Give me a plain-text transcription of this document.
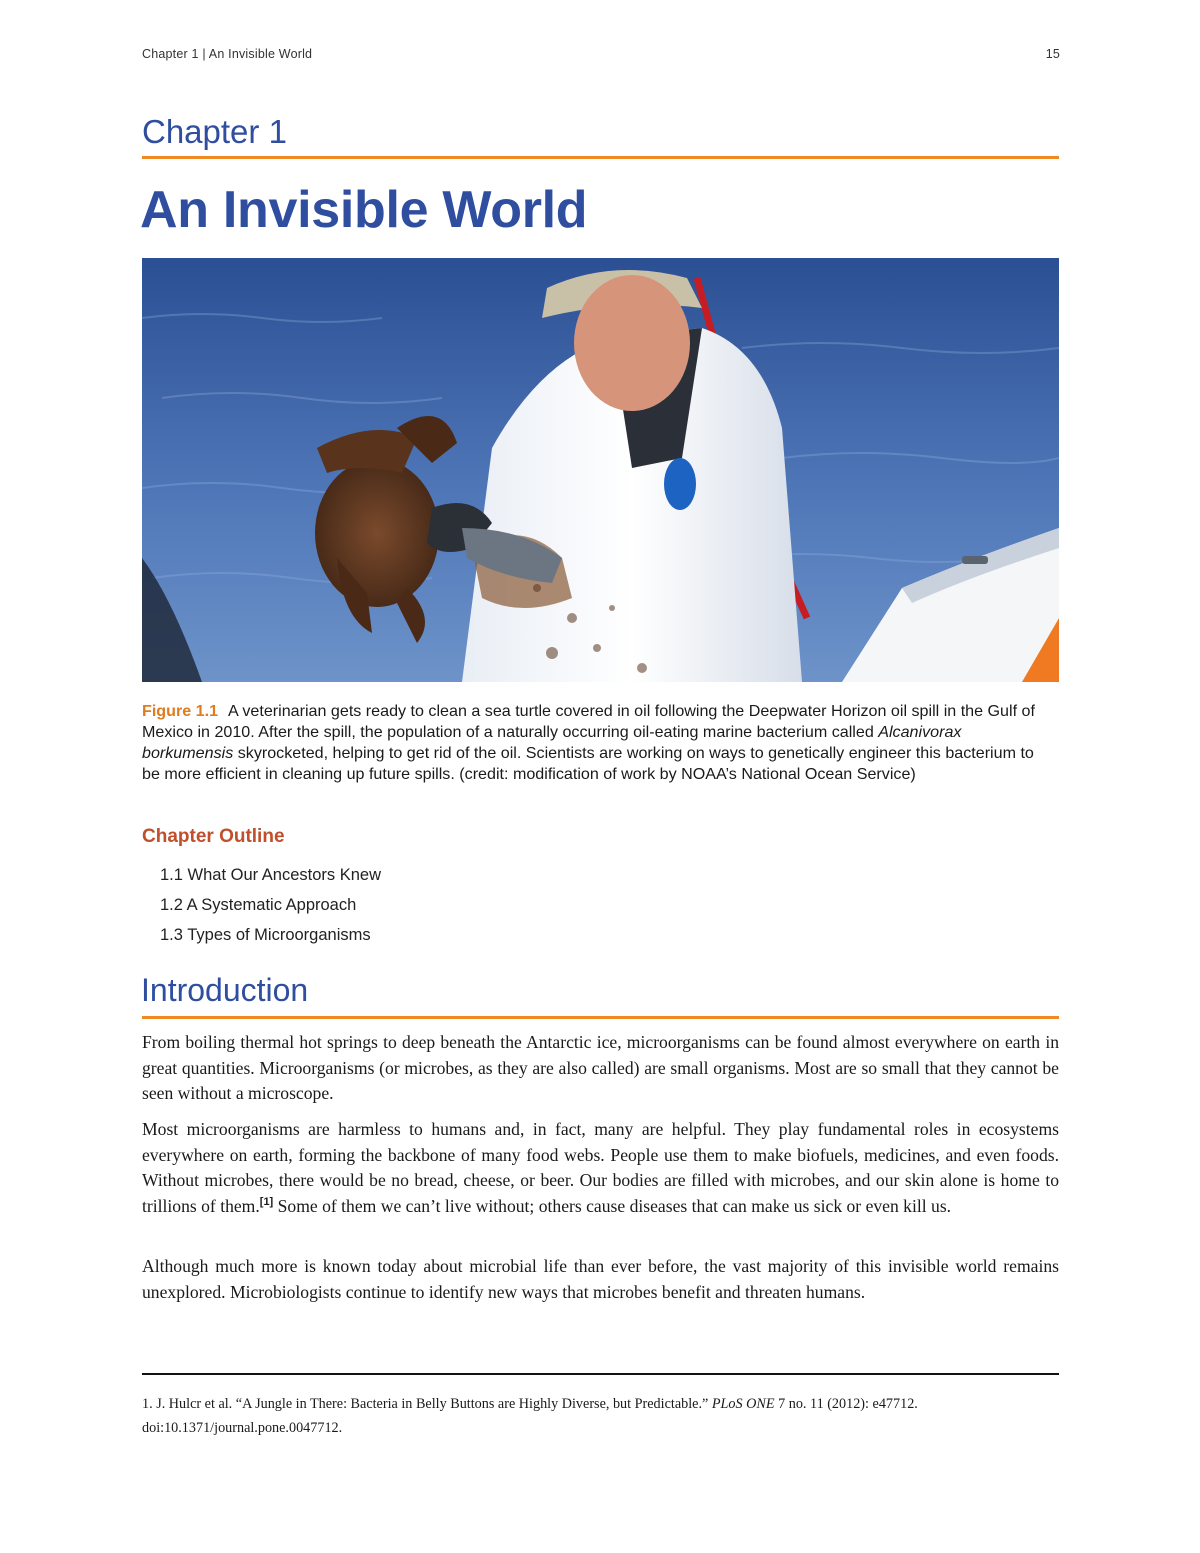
Chapter 1 | An Invisible World	15
Chapter 1
An Invisible World
Figure 1.1 A veterinarian gets ready to clean a sea turtle covered in oil following the Deepwater Horizon oil spill in the Gulf of Mexico in 2010. After the spill, the population of a naturally occurring oil-eating marine bacterium called Alcanivorax borkumensis skyrocketed, helping to get rid of the oil. Scientists are working on ways to genetically engineer this bacterium to be more efficient in cleaning up future spills. (credit: modification of work by NOAA’s National Ocean Service)
Chapter Outline
1.1 What Our Ancestors Knew
1.2 A Systematic Approach
1.3 Types of Microorganisms
Introduction

From boiling thermal hot springs to deep beneath the Antarctic ice, microorganisms can be found almost everywhere on earth in great quantities. Microorganisms (or microbes, as they are also called) are small organisms. Most are so small that they cannot be seen without a microscope.

Most microorganisms are harmless to humans and, in fact, many are helpful. They play fundamental roles in ecosystems everywhere on earth, forming the backbone of many food webs. People use them to make biofuels, medicines, and even foods. Without microbes, there would be no bread, cheese, or beer. Our bodies are filled with microbes, and our skin alone is home to trillions of them.[1] Some of them we can’t live without; others cause diseases that can make us sick or even kill us.

Although much more is known today about microbial life than ever before, the vast majority of this invisible world remains unexplored. Microbiologists continue to identify new ways that microbes benefit and threaten humans.

1. J. Hulcr et al. “A Jungle in There: Bacteria in Belly Buttons are Highly Diverse, but Predictable.” PLoS ONE 7 no. 11 (2012): e47712. doi:10.1371/journal.pone.0047712.
